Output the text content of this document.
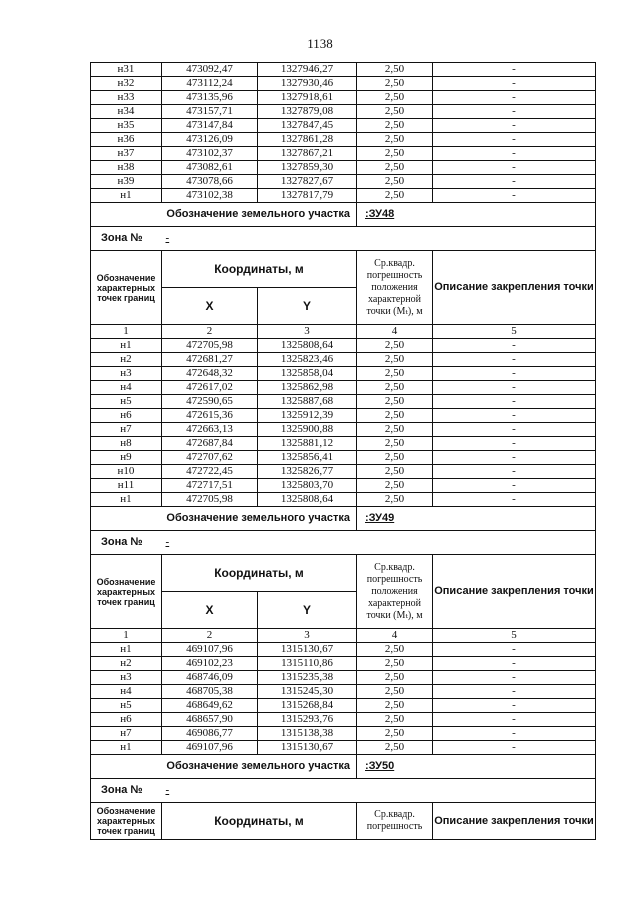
1138
н31	473092,47	1327946,27	2,50	-
н32	473112,24	1327930,46	2,50	-
н33	473135,96	1327918,61	2,50	-
н34	473157,71	1327879,08	2,50	-
н35	473147,84	1327847,45	2,50	-
н36	473126,09	1327861,28	2,50	-
н37	473102,37	1327867,21	2,50	-
н38	473082,61	1327859,30	2,50	-
н39	473078,66	1327827,67	2,50	-
н1	473102,38	1327817,79	2,50	-
Обозначение земельного участка			:ЗУ48	
Зона №	-			
Обозначение характерных точек границ	Координаты, м		Ср.квадр. погрешность положения характерной точки (Mₜ), м	Описание закрепления точки
	X	Y		
1	2	3	4	5
н1	472705,98	1325808,64	2,50	-
н2	472681,27	1325823,46	2,50	-
н3	472648,32	1325858,04	2,50	-
н4	472617,02	1325862,98	2,50	-
н5	472590,65	1325887,68	2,50	-
н6	472615,36	1325912,39	2,50	-
н7	472663,13	1325900,88	2,50	-
н8	472687,84	1325881,12	2,50	-
н9	472707,62	1325856,41	2,50	-
н10	472722,45	1325826,77	2,50	-
н11	472717,51	1325803,70	2,50	-
н1	472705,98	1325808,64	2,50	-
Обозначение земельного участка			:ЗУ49	
Зона №	-			
Обозначение характерных точек границ	Координаты, м		Ср.квадр. погрешность положения характерной точки (Mₜ), м	Описание закрепления точки
	X	Y		
1	2	3	4	5
н1	469107,96	1315130,67	2,50	-
н2	469102,23	1315110,86	2,50	-
н3	468746,09	1315235,38	2,50	-
н4	468705,38	1315245,30	2,50	-
н5	468649,62	1315268,84	2,50	-
н6	468657,90	1315293,76	2,50	-
н7	469086,77	1315138,38	2,50	-
н1	469107,96	1315130,67	2,50	-
Обозначение земельного участка			:ЗУ50	
Зона №	-			
Обозначение характерных точек границ	Координаты, м		Ср.квадр. погрешность	Описание закрепления точки
